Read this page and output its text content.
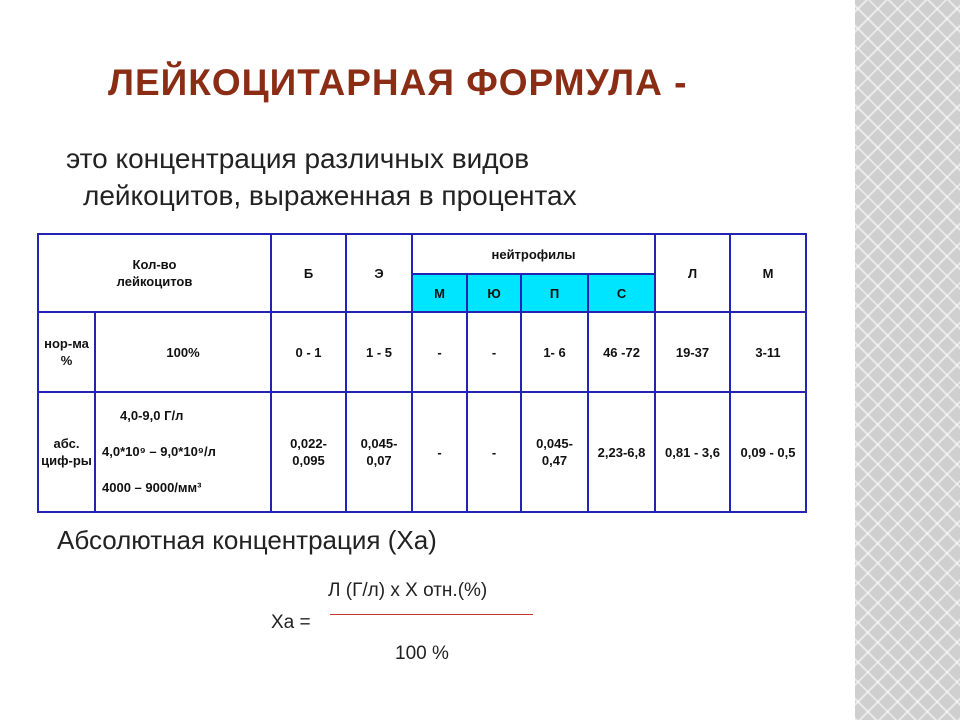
ЛЕЙКОЦИТАРНАЯ ФОРМУЛА -
это концентрация различных видов
лейкоцитов, выраженная в процентах
Кол-во
лейкоцитов		Б	Э	нейтрофилы				Л	М
				М	Ю	П	С		
нор-ма %	100%	0 - 1	1 - 5	-	-	1- 6	46 -72	19-37	3-11
абс. циф-ры	4,0-9,0 Г/л
4,0*10⁹ – 9,0*10⁹/л
4000 – 9000/мм³	0,022-0,095	0,045-0,07	-	-	0,045-0,47	2,23-6,8	0,81 - 3,6	0,09 - 0,5
Абсолютная концентрация (Ха)
Л (Г/л) х Х отн.(%)
Ха =
100 %
